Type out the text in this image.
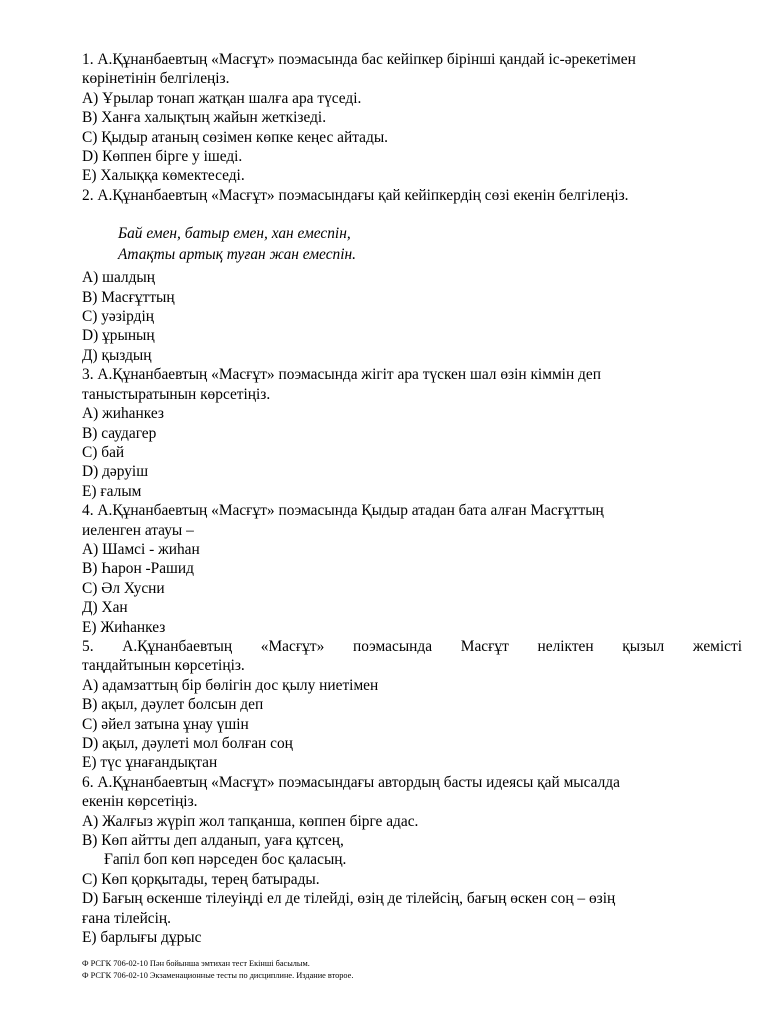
1. А.Құнанбаевтың «Масғұт» поэмасында бас кейіпкер бірінші қандай іс-әрекетімен

көрінетінін белгілеңіз.

А) Ұрылар тонап жатқан шалға ара түседі.

В) Ханға халықтың жайын жеткізеді.

С) Қыдыр атаның сөзімен көпке кеңес айтады.

D) Көппен бірге у ішеді.

Е) Халыққа көмектеседі.

2. А.Құнанбаевтың «Масғұт» поэмасындағы қай кейіпкердің сөзі екенін белгілеңіз.

Бай емен, батыр емен, хан емеспін,

Атақты артық туған жан емеспін.

А) шалдың

В) Масғұттың

С) уәзірдің

D) ұрының

Д) қыздың

3. А.Құнанбаевтың «Масғұт» поэмасында жігіт ара түскен шал өзін кіммін деп

таныстыратынын көрсетіңіз.

А) жиһанкез

В) саудагер

С) бай

D) дәруіш

Е) ғалым

4. А.Құнанбаевтың «Масғұт» поэмасында Қыдыр атадан бата алған Масғұттың

иеленген атауы –

А) Шамсі - жиһан

В) Һарон -Рашид

С) Әл Хусни

Д) Хан

Е) Жиһанкез

5. А.Құнанбаевтың «Масғұт» поэмасында Масғұт неліктен қызыл жемісті

таңдайтынын көрсетіңіз.

А) адамзаттың бір бөлігін дос қылу ниетімен

В) ақыл, дәулет болсын деп

С) әйел затына ұнау үшін

D) ақыл, дәулеті мол болған соң

Е) түс ұнағандықтан

6. А.Құнанбаевтың «Масғұт» поэмасындағы автордың басты идеясы қай мысалда

екенін көрсетіңіз.

А) Жалғыз жүріп жол тапқанша, көппен бірге адас.

В) Көп айтты деп алданып, уаға құтсең,

Ғапіл боп көп нәрседен бос қаласың.

С) Көп қорқытады, терең батырады.

D) Бағың өскенше тілеуіңді ел де тілейді, өзің де тілейсің, бағың өскен соң – өзің

ғана тілейсің.

Е) барлығы дұрыс

Ф РСГК 706-02-10 Пән бойынша эмтихан тест Екінші басылым.

Ф РСГК 706-02-10 Экзаменационные тесты по дисциплине. Издание второе.
